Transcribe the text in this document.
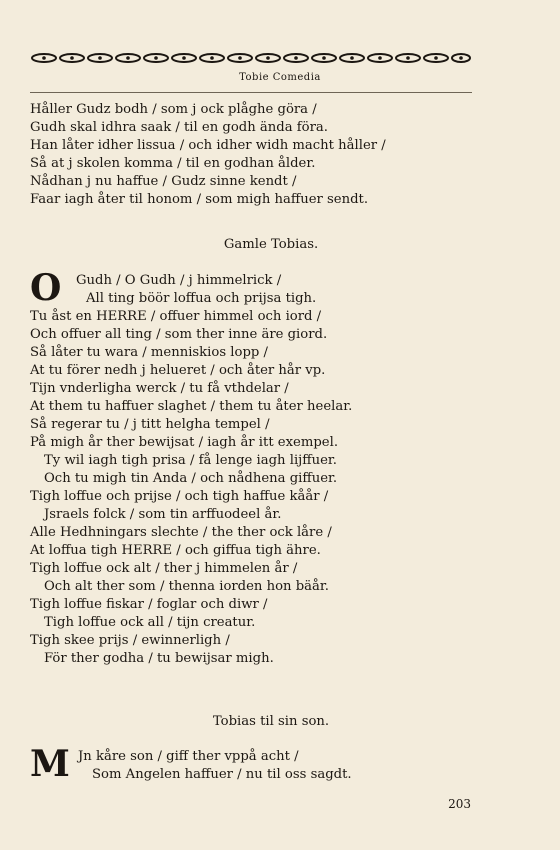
Tobie Comedia
Håller Gudz bodh / som j ock plåghe göra /
Gudh skal idhra saak / til en godh ända föra.
Han låter idher lissua / och idher widh macht håller /
Så at j skolen komma / til en godhan ålder.
Nådhan j nu haffue / Gudz sinne kendt /
Faar iagh åter til honom / som migh haffuer sendt.
Gamle Tobias.
O	Gudh / O Gudh / j himmelrick /
All ting böör loffua och prijsa tigh.
Tu åst en HERRE / offuer himmel och iord /
Och offuer all ting / som ther inne äre giord.
Så låter tu wara / menniskios lopp /
At tu förer nedh j helueret / och åter hår vp.
Tijn vnderligha werck / tu få vthdelar /
At them tu haffuer slaghet / them tu åter heelar.
Så regerar tu / j titt helgha tempel /
På migh år ther bewijsat / iagh år itt exempel.
Ty wil iagh tigh prisa / få lenge iagh lijffuer.
Och tu migh tin Anda / och nådhena giffuer.
Tigh loffue och prijse / och tigh haffue kåår /
Jsraels folck / som tin arffuodeel år.
Alle Hedhningars slechte / the ther ock låre /
At loffua tigh HERRE / och giffua tigh ähre.
Tigh loffue ock alt / ther j himmelen år /
Och alt ther som / thenna iorden hon bäår.
Tigh loffue fiskar / foglar och diwr /
Tigh loffue ock all / tijn creatur.
Tigh skee prijs / ewinnerligh /
För ther godha / tu bewijsar migh.
Tobias til sin son.
M Jn kåre son / giff ther vppå acht /
Som Angelen haffuer / nu til oss sagdt.
203
